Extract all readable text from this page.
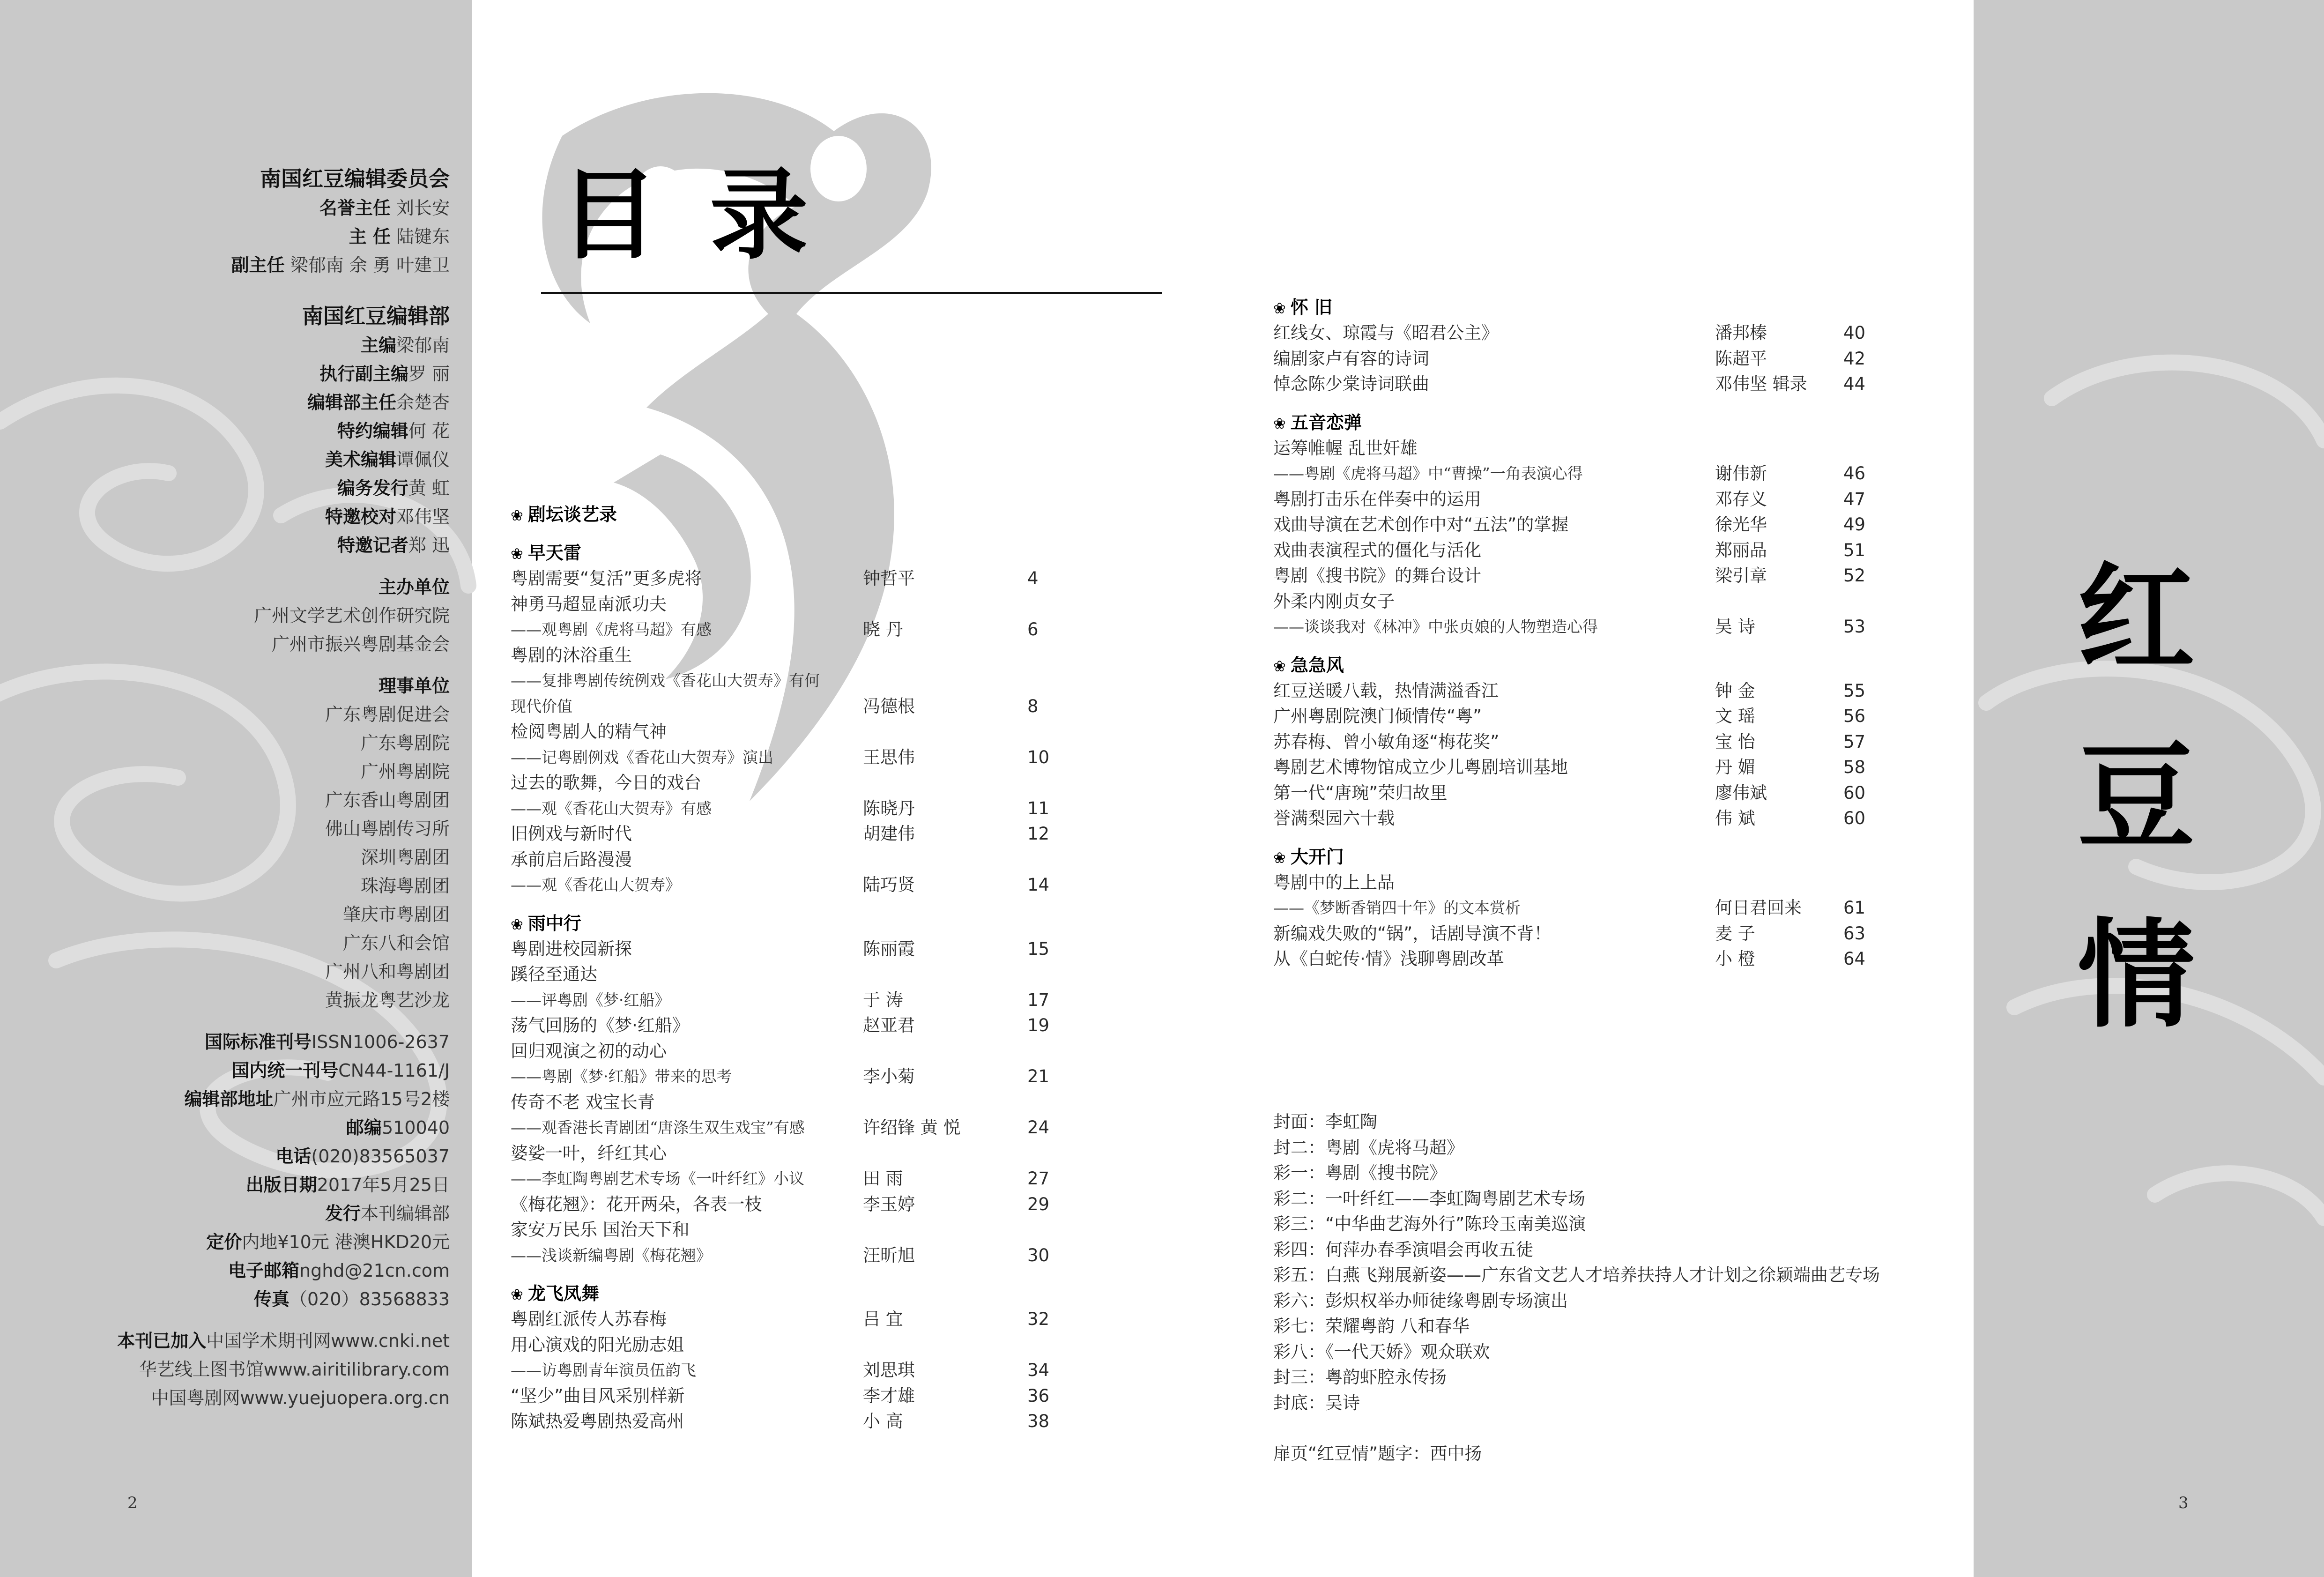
南国红豆编辑委员会
名誉主任 刘长安
主 任 陆键东
副主任 梁郁南 余 勇 叶建卫
南国红豆编辑部
主编梁郁南
执行副主编罗 丽
编辑部主任余楚杏
特约编辑何 花
美术编辑谭佩仪
编务发行黄 虹
特邀校对邓伟坚
特邀记者郑 迅
主办单位
广州文学艺术创作研究院
广州市振兴粤剧基金会
理事单位
广东粤剧促进会
广东粤剧院
广州粤剧院
广东香山粤剧团
佛山粤剧传习所
深圳粤剧团
珠海粤剧团
肇庆市粤剧团
广东八和会馆
广州八和粤剧团
黄振龙粤艺沙龙
国际标准刊号ISSN1006-2637
国内统一刊号CN44-1161/J
编辑部地址广州市应元路15号2楼
邮编510040
电话(020)83565037
出版日期2017年5月25日
发行本刊编辑部
定价内地¥10元 港澳HKD20元
电子邮箱nghd@21cn.com
传真（020）83568833
本刊已加入中国学术期刊网www.cnki.net
华艺线上图书馆www.airitilibrary.com
中国粤剧网www.yuejuopera.org.cn
2
目录
❀ 剧坛谈艺录
❀ 早天雷
粤剧需要“复活”更多虎将	钟哲平	4
神勇马超显南派功夫
——观粤剧《虎将马超》有感	晓 丹	6
粤剧的沐浴重生
——复排粤剧传统例戏《香花山大贺寿》有何
现代价值	冯德根	8
检阅粤剧人的精气神
——记粤剧例戏《香花山大贺寿》演出	王思伟	10
过去的歌舞，今日的戏台
——观《香花山大贺寿》有感	陈晓丹	11
旧例戏与新时代	胡建伟	12
承前启后路漫漫
——观《香花山大贺寿》	陆巧贤	14
❀ 雨中行
粤剧进校园新探	陈丽霞	15
蹊径至通达
——评粤剧《梦·红船》	于 涛	17
荡气回肠的《梦·红船》	赵亚君	19
回归观演之初的动心
——粤剧《梦·红船》带来的思考	李小菊	21
传奇不老 戏宝长青
——观香港长青剧团“唐涤生双生戏宝”有感	许绍锋 黄 悦	24
婆娑一叶，纤红其心
——李虹陶粤剧艺术专场《一叶纤红》小议	田 雨	27
《梅花翘》：花开两朵，各表一枝	李玉婷	29
家安万民乐 国治天下和
——浅谈新编粤剧《梅花翘》	汪昕旭	30
❀ 龙飞凤舞
粤剧红派传人苏春梅	吕 宜	32
用心演戏的阳光励志姐
——访粤剧青年演员伍韵飞	刘思琪	34
“坚少”曲目风采别样新	李才雄	36
陈斌热爱粤剧热爱高州	小 高	38
❀ 怀 旧
红线女、琼霞与《昭君公主》	潘邦榛	40
编剧家卢有容的诗词	陈超平	42
悼念陈少棠诗词联曲	邓伟坚 辑录 44
❀ 五音恋弹
运筹帷幄 乱世奸雄
——粤剧《虎将马超》中“曹操”一角表演心得	谢伟新	46
粤剧打击乐在伴奏中的运用	邓存义	47
戏曲导演在艺术创作中对“五法”的掌握	徐光华	49
戏曲表演程式的僵化与活化	郑丽品	51
粤剧《搜书院》的舞台设计	梁引章	52
外柔内刚贞女子
——谈谈我对《林冲》中张贞娘的人物塑造心得	吴 诗	53
❀ 急急风
红豆送暖八载，热情满溢香江	钟 金	55
广州粤剧院澳门倾情传“粤”	文 瑶	56
苏春梅、曾小敏角逐“梅花奖”	宝 怡	57
粤剧艺术博物馆成立少儿粤剧培训基地	丹 媚	58
第一代“唐琬”荣归故里	廖伟斌	60
誉满梨园六十载	伟 斌	60
❀ 大开门
粤剧中的上上品
——《梦断香销四十年》的文本赏析	何日君回来 61
新编戏失败的“锅”，话剧导演不背！	麦 子	63
从《白蛇传·情》浅聊粤剧改革	小 橙	64
封面：李虹陶
封二：粤剧《虎将马超》
彩一：粤剧《搜书院》
彩二：一叶纤红——李虹陶粤剧艺术专场
彩三：“中华曲艺海外行”陈玲玉南美巡演
彩四：何萍办春季演唱会再收五徒
彩五：白燕飞翔展新姿——广东省文艺人才培养扶持人才计划之徐颖端曲艺专场
彩六：彭炽权举办师徒缘粤剧专场演出
彩七：荣耀粤韵 八和春华
彩八：《一代天娇》观众联欢
封三：粤韵虾腔永传扬
封底：吴诗
扉页“红豆情”题字：西中扬
红
豆
情
3
